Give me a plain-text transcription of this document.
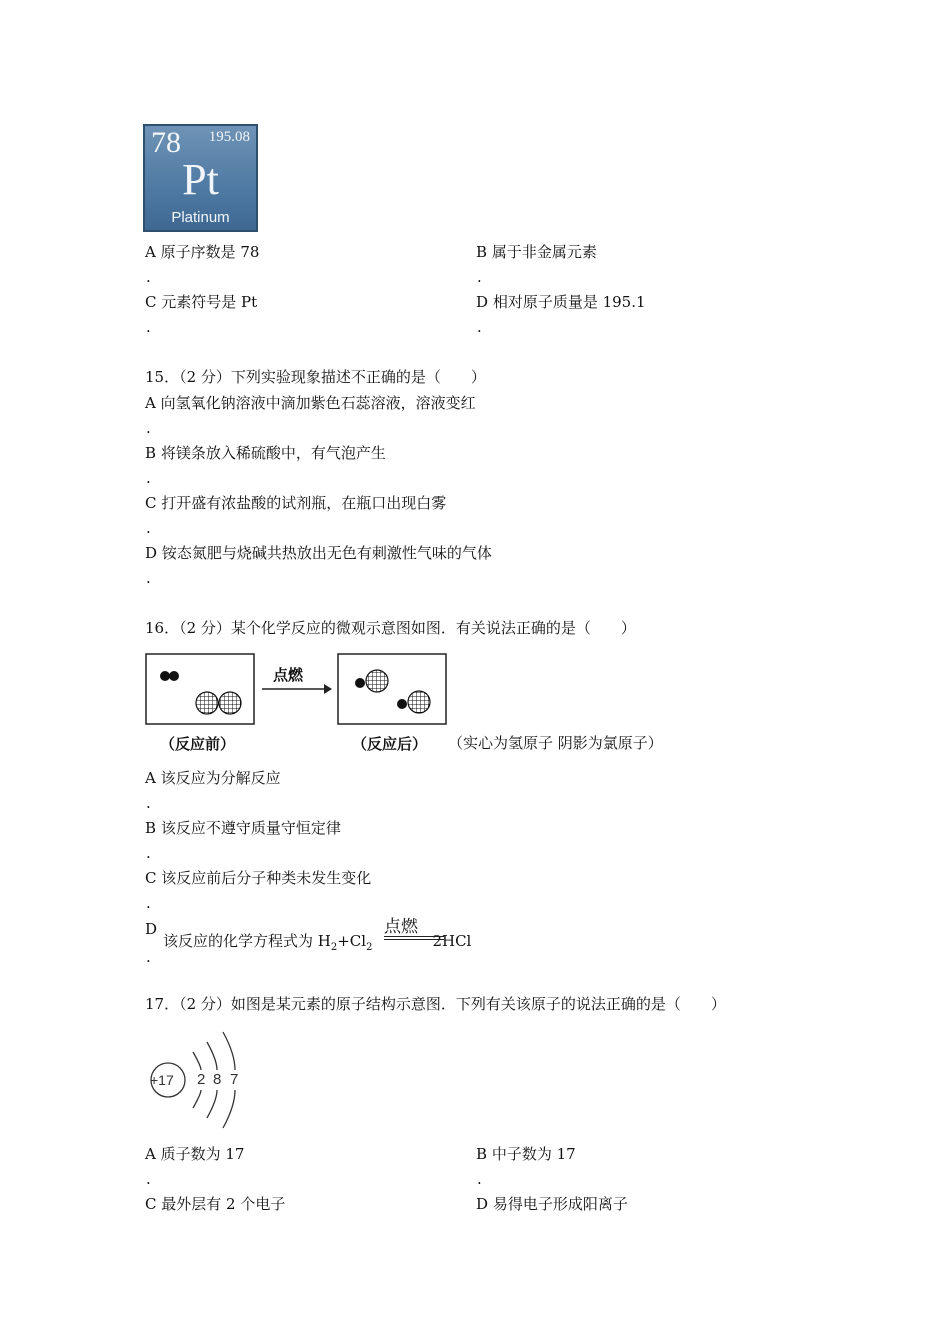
78 195.08
Pt
Platinum
A 原子序数是 78
.
B 属于非金属元素
.
C 元素符号是 Pt
.
D 相对原子质量是 195.1
.
15．（2 分）下列实验现象描述不正确的是（　　）
A 向氢氧化钠溶液中滴加紫色石蕊溶液，溶液变红
.
B 将镁条放入稀硫酸中，有气泡产生
.
C 打开盛有浓盐酸的试剂瓶，在瓶口出现白雾
.
D 铵态氮肥与烧碱共热放出无色有刺激性气味的气体
.
16．（2 分）某个化学反应的微观示意图如图．有关说法正确的是（　　）
点燃
（反应前）	（反应后） （实心为氢原子 阴影为氯原子）
A 该反应为分解反应
.
B 该反应不遵守质量守恒定律
.
C 该反应前后分子种类未发生变化
.
D
该反应的化学方程式为 $H_2+Cl_2$	2HCl
点燃
.
17．（2 分）如图是某元素的原子结构示意图．下列有关该原子的说法正确的是（　　）
+17 2 8 7
A 质子数为 17
.
B 中子数为 17
.
C 最外层有 2 个电子	D 易得电子形成阳离子
